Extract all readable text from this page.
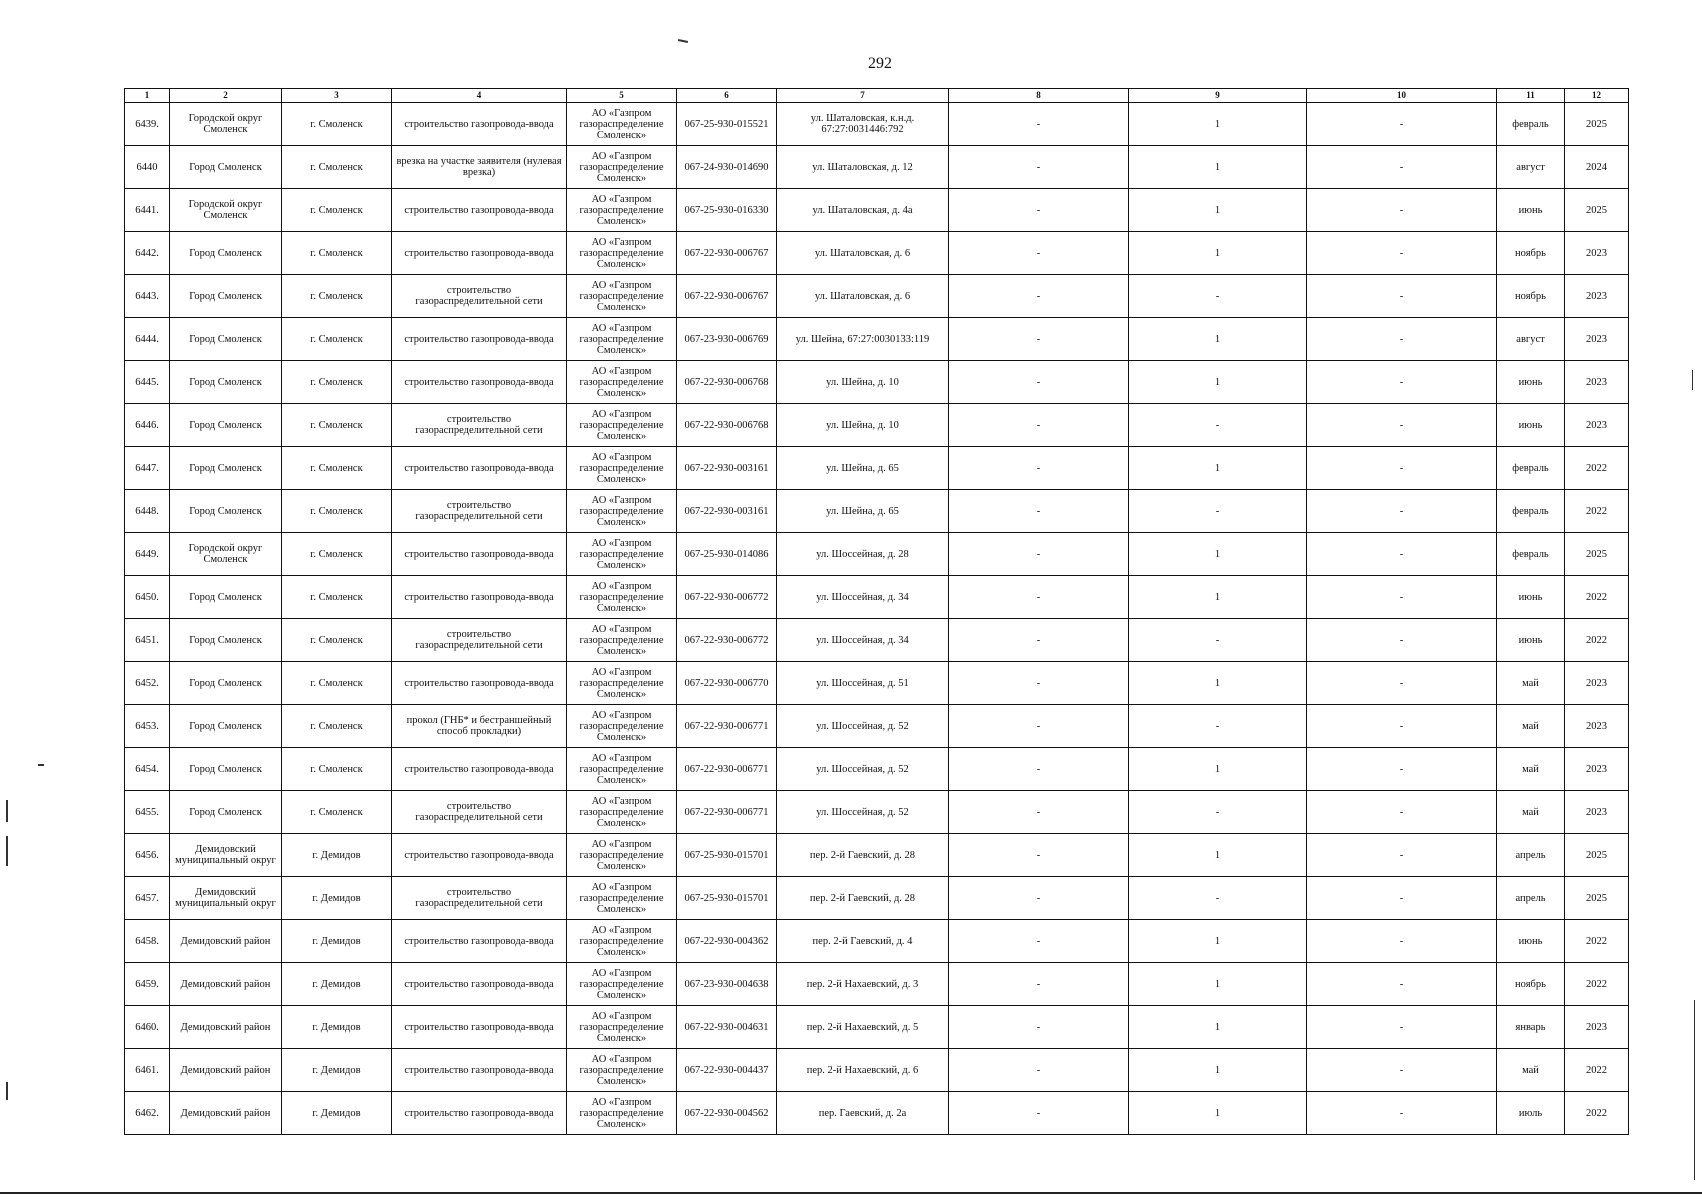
292
1	2	3	4	5	6	7	8	9	10	11	12
6439.	Городской округ Смоленск	г. Смоленск	строительство газопровода-ввода	АО «Газпром газораспределение Смоленск»	067-25-930-015521	ул. Шаталовская, к.н.д. 67:27:0031446:792	-	1	-	февраль	2025
6440	Город Смоленск	г. Смоленск	врезка на участке заявителя (нулевая врезка)	АО «Газпром газораспределение Смоленск»	067-24-930-014690	ул. Шаталовская, д. 12	-	1	-	август	2024
6441.	Городской округ Смоленск	г. Смоленск	строительство газопровода-ввода	АО «Газпром газораспределение Смоленск»	067-25-930-016330	ул. Шаталовская, д. 4а	-	1	-	июнь	2025
6442.	Город Смоленск	г. Смоленск	строительство газопровода-ввода	АО «Газпром газораспределение Смоленск»	067-22-930-006767	ул. Шаталовская, д. 6	-	1	-	ноябрь	2023
6443.	Город Смоленск	г. Смоленск	строительство газораспределительной сети	АО «Газпром газораспределение Смоленск»	067-22-930-006767	ул. Шаталовская, д. 6	-	-	-	ноябрь	2023
6444.	Город Смоленск	г. Смоленск	строительство газопровода-ввода	АО «Газпром газораспределение Смоленск»	067-23-930-006769	ул. Шейна, 67:27:0030133:119	-	1	-	август	2023
6445.	Город Смоленск	г. Смоленск	строительство газопровода-ввода	АО «Газпром газораспределение Смоленск»	067-22-930-006768	ул. Шейна, д. 10	-	1	-	июнь	2023
6446.	Город Смоленск	г. Смоленск	строительство газораспределительной сети	АО «Газпром газораспределение Смоленск»	067-22-930-006768	ул. Шейна, д. 10	-	-	-	июнь	2023
6447.	Город Смоленск	г. Смоленск	строительство газопровода-ввода	АО «Газпром газораспределение Смоленск»	067-22-930-003161	ул. Шейна, д. 65	-	1	-	февраль	2022
6448.	Город Смоленск	г. Смоленск	строительство газораспределительной сети	АО «Газпром газораспределение Смоленск»	067-22-930-003161	ул. Шейна, д. 65	-	-	-	февраль	2022
6449.	Городской округ Смоленск	г. Смоленск	строительство газопровода-ввода	АО «Газпром газораспределение Смоленск»	067-25-930-014086	ул. Шоссейная, д. 28	-	1	-	февраль	2025
6450.	Город Смоленск	г. Смоленск	строительство газопровода-ввода	АО «Газпром газораспределение Смоленск»	067-22-930-006772	ул. Шоссейная, д. 34	-	1	-	июнь	2022
6451.	Город Смоленск	г. Смоленск	строительство газораспределительной сети	АО «Газпром газораспределение Смоленск»	067-22-930-006772	ул. Шоссейная, д. 34	-	-	-	июнь	2022
6452.	Город Смоленск	г. Смоленск	строительство газопровода-ввода	АО «Газпром газораспределение Смоленск»	067-22-930-006770	ул. Шоссейная, д. 51	-	1	-	май	2023
6453.	Город Смоленск	г. Смоленск	прокол (ГНБ* и бестраншейный способ прокладки)	АО «Газпром газораспределение Смоленск»	067-22-930-006771	ул. Шоссейная, д. 52	-	-	-	май	2023
6454.	Город Смоленск	г. Смоленск	строительство газопровода-ввода	АО «Газпром газораспределение Смоленск»	067-22-930-006771	ул. Шоссейная, д. 52	-	1	-	май	2023
6455.	Город Смоленск	г. Смоленск	строительство газораспределительной сети	АО «Газпром газораспределение Смоленск»	067-22-930-006771	ул. Шоссейная, д. 52	-	-	-	май	2023
6456.	Демидовский муниципальный округ	г. Демидов	строительство газопровода-ввода	АО «Газпром газораспределение Смоленск»	067-25-930-015701	пер. 2-й Гаевский, д. 28	-	1	-	апрель	2025
6457.	Демидовский муниципальный округ	г. Демидов	строительство газораспределительной сети	АО «Газпром газораспределение Смоленск»	067-25-930-015701	пер. 2-й Гаевский, д. 28	-	-	-	апрель	2025
6458.	Демидовский район	г. Демидов	строительство газопровода-ввода	АО «Газпром газораспределение Смоленск»	067-22-930-004362	пер. 2-й Гаевский, д. 4	-	1	-	июнь	2022
6459.	Демидовский район	г. Демидов	строительство газопровода-ввода	АО «Газпром газораспределение Смоленск»	067-23-930-004638	пер. 2-й Нахаевский, д. 3	-	1	-	ноябрь	2022
6460.	Демидовский район	г. Демидов	строительство газопровода-ввода	АО «Газпром газораспределение Смоленск»	067-22-930-004631	пер. 2-й Нахаевский, д. 5	-	1	-	январь	2023
6461.	Демидовский район	г. Демидов	строительство газопровода-ввода	АО «Газпром газораспределение Смоленск»	067-22-930-004437	пер. 2-й Нахаевский, д. 6	-	1	-	май	2022
6462.	Демидовский район	г. Демидов	строительство газопровода-ввода	АО «Газпром газораспределение Смоленск»	067-22-930-004562	пер. Гаевский, д. 2а	-	1	-	июль	2022
